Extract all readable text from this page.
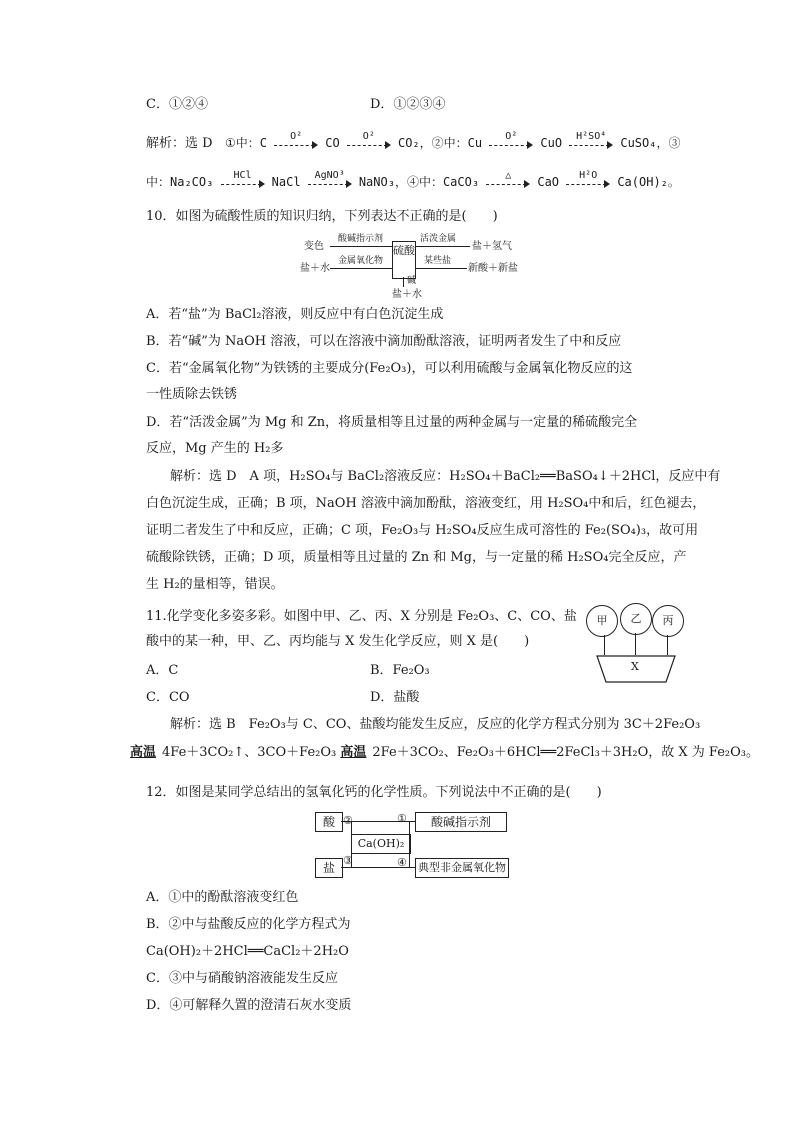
C．①②④	D．①②③④
解析：选 D ①中：C	O²	CO	O²	CO₂，②中：Cu	O²	CuO	H²SO⁴	CuSO₄，③
中：Na₂CO₃	HCl	NaCl	AgNO³	NaNO₃，④中：CaCO₃	△	CaO	H²O	Ca(OH)₂。
10．如图为硫酸性质的知识归纳，下列表达不正确的是(　　)
硫酸
变色
酸碱指示剂
盐＋水
金属氧化物
活泼金属
盐＋氢气
某些盐
新酸＋新盐
碱
盐＋水
A．若“盐”为 BaCl₂溶液，则反应中有白色沉淀生成
B．若“碱”为 NaOH 溶液，可以在溶液中滴加酚酞溶液，证明两者发生了中和反应
C．若“金属氧化物”为铁锈的主要成分(Fe₂O₃)，可以利用硫酸与金属氧化物反应的这
一性质除去铁锈
D．若“活泼金属”为 Mg 和 Zn，将质量相等且过量的两种金属与一定量的稀硫酸完全
反应，Mg 产生的 H₂多
解析：选 D　A 项，H₂SO₄与 BaCl₂溶液反应：H₂SO₄＋BaCl₂══BaSO₄↓＋2HCl，反应中有
白色沉淀生成，正确；B 项，NaOH 溶液中滴加酚酞，溶液变红，用 H₂SO₄中和后，红色褪去，
证明二者发生了中和反应，正确；C 项，Fe₂O₃与 H₂SO₄反应生成可溶性的 Fe₂(SO₄)₃，故可用
硫酸除铁锈，正确；D 项，质量相等且过量的 Zn 和 Mg，与一定量的稀 H₂SO₄完全反应，产
生 H₂的量相等，错误。
11.化学变化多姿多彩。如图中甲、乙、丙、X 分别是 Fe₂O₃、C、CO、盐
酸中的某一种，甲、乙、丙均能与 X 发生化学反应，则 X 是(　　)
A．C	B．Fe₂O₃
C．CO	D．盐酸
甲	乙	丙
X
解析：选 B　Fe₂O₃与 C、CO、盐酸均能发生反应，反应的化学方程式分别为 3C＋2Fe₂O₃
高温 4Fe＋3CO₂↑、3CO＋Fe₂O₃ 高温 2Fe＋3CO₂、Fe₂O₃＋6HCl══2FeCl₃＋3H₂O，故 X 为 Fe₂O₃。
12．如图是某同学总结出的氢氧化钙的化学性质。下列说法中不正确的是(　　)
酸
盐
Ca(OH)₂
酸碱指示剂
典型非金属氧化物
②	①
③	④
A．①中的酚酞溶液变红色
B．②中与盐酸反应的化学方程式为
Ca(OH)₂＋2HCl══CaCl₂＋2H₂O
C．③中与硝酸钠溶液能发生反应
D．④可解释久置的澄清石灰水变质
